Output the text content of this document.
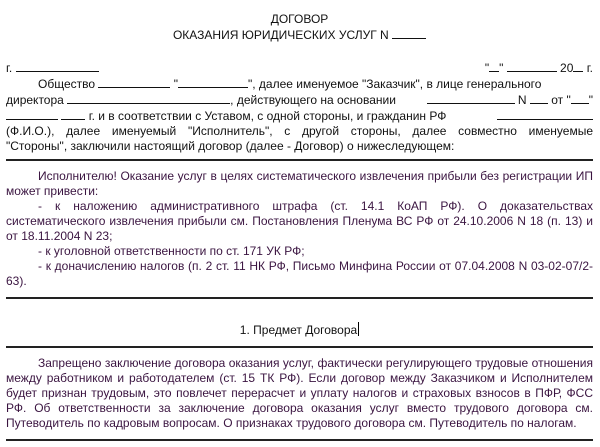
ДОГОВОР
ОКАЗАНИЯ ЮРИДИЧЕСКИХ УСЛУГ N
г.	" "	20 г.

Общество	"	", далее именуемое "Заказчик", в лице генерального

директора	, действующего на основании	N от " "

г. и в соответствии с Уставом, с одной стороны, и гражданин РФ

(Ф.И.О.), далее именуемый "Исполнитель", с другой стороны, далее совместно именуемые

"Стороны", заключили настоящий договор (далее - Договор) о нижеследующем:

Исполнителю! Оказание услуг в целях систематического извлечения прибыли без регистрации ИП может привести:

- к наложению административного штрафа (ст. 14.1 КоАП РФ). О доказательствах систематического извлечения прибыли см. Постановления Пленума ВС РФ от 24.10.2006 N 18 (п. 13) и от 18.11.2004 N 23;

- к уголовной ответственности по ст. 171 УК РФ;

- к доначислению налогов (п. 2 ст. 11 НК РФ, Письмо Минфина России от 07.04.2008 N 03-02-07/2-63).

1. Предмет Договора

Запрещено заключение договора оказания услуг, фактически регулирующего трудовые отношения между работником и работодателем (ст. 15 ТК РФ). Если договор между Заказчиком и Исполнителем будет признан трудовым, это повлечет перерасчет и уплату налогов и страховых взносов в ПФР, ФСС РФ. Об ответственности за заключение договора оказания услуг вместо трудового договора см. Путеводитель по кадровым вопросам. О признаках трудового договора см. Путеводитель по налогам.
